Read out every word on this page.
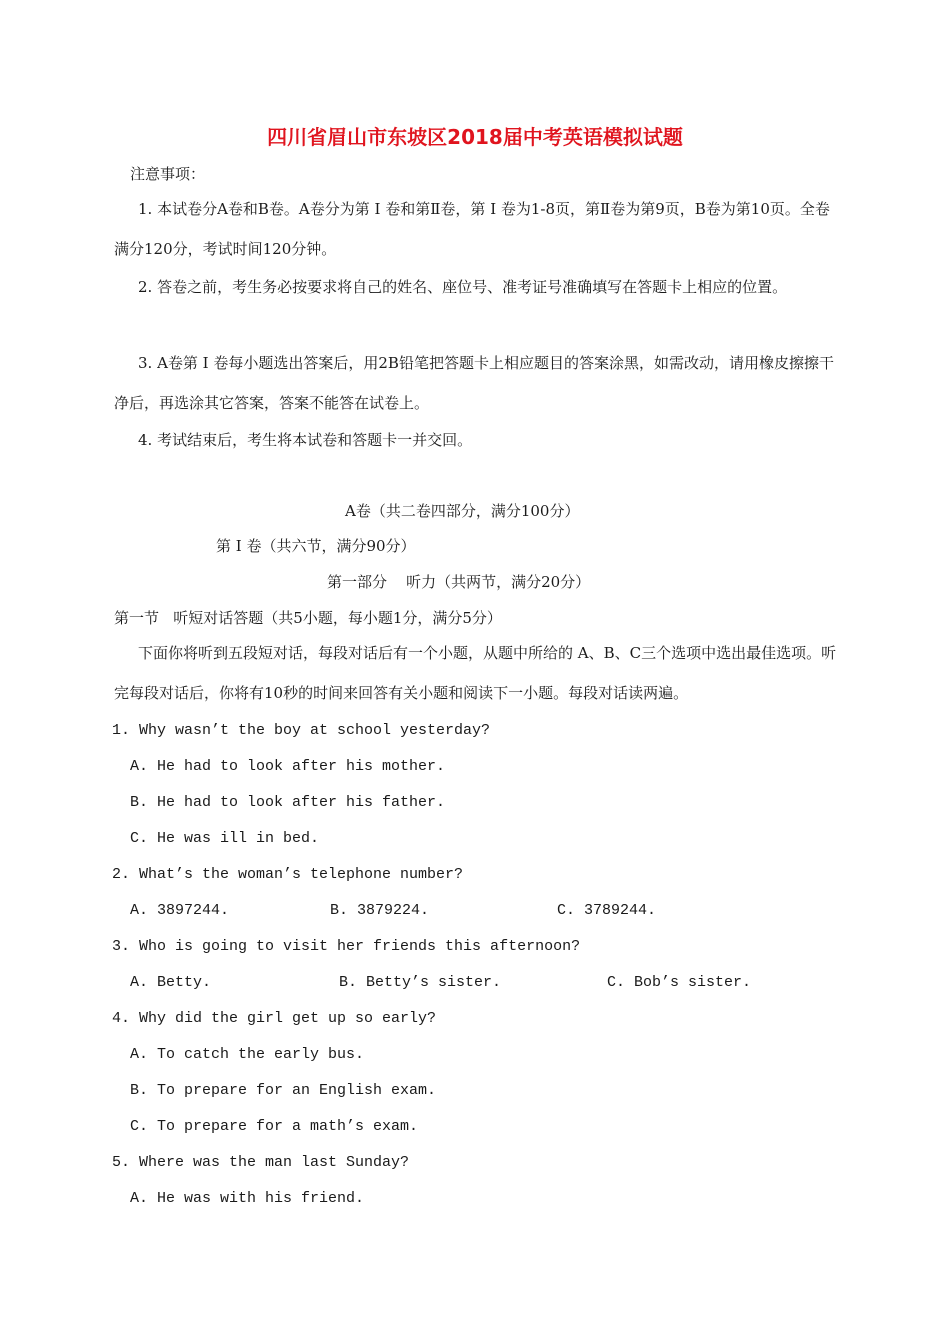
四川省眉山市东坡区2018届中考英语模拟试题
注意事项：
1. 本试卷分A卷和B卷。A卷分为第 Ⅰ 卷和第Ⅱ卷，第 Ⅰ 卷为1-8页，第Ⅱ卷为第9页，B卷为第10页。全卷满分120分，考试时间120分钟。
2. 答卷之前，考生务必按要求将自己的姓名、座位号、准考证号准确填写在答题卡上相应的位置。
3. A卷第 Ⅰ 卷每小题选出答案后，用2B铅笔把答题卡上相应题目的答案涂黑，如需改动，请用橡皮擦擦干净后，再选涂其它答案，答案不能答在试卷上。
4. 考试结束后，考生将本试卷和答题卡一并交回。
A卷（共二卷四部分，满分100分）
第 Ⅰ 卷（共六节，满分90分）
第一部分    听力（共两节，满分20分）
第一节   听短对话答题（共5小题，每小题1分，满分5分）
下面你将听到五段短对话，每段对话后有一个小题，从题中所给的 A、B、C三个选项中选出最佳选项。听完每段对话后，你将有10秒的时间来回答有关小题和阅读下一小题。每段对话读两遍。
1. Why wasn’t the boy at school yesterday?
A. He had to look after his mother.
B. He had to look after his father.
C. He was ill in bed.
2. What’s the woman’s telephone number?
A. 3897244.	B. 3879224.	C. 3789244.
3. Who is going to visit her friends this afternoon?
A. Betty.	B. Betty’s sister.	C. Bob’s sister.
4. Why did the girl get up so early?
A. To catch the early bus.
B. To prepare for an English exam.
C. To prepare for a math’s exam.
5. Where was the man last Sunday?
A. He was with his friend.
